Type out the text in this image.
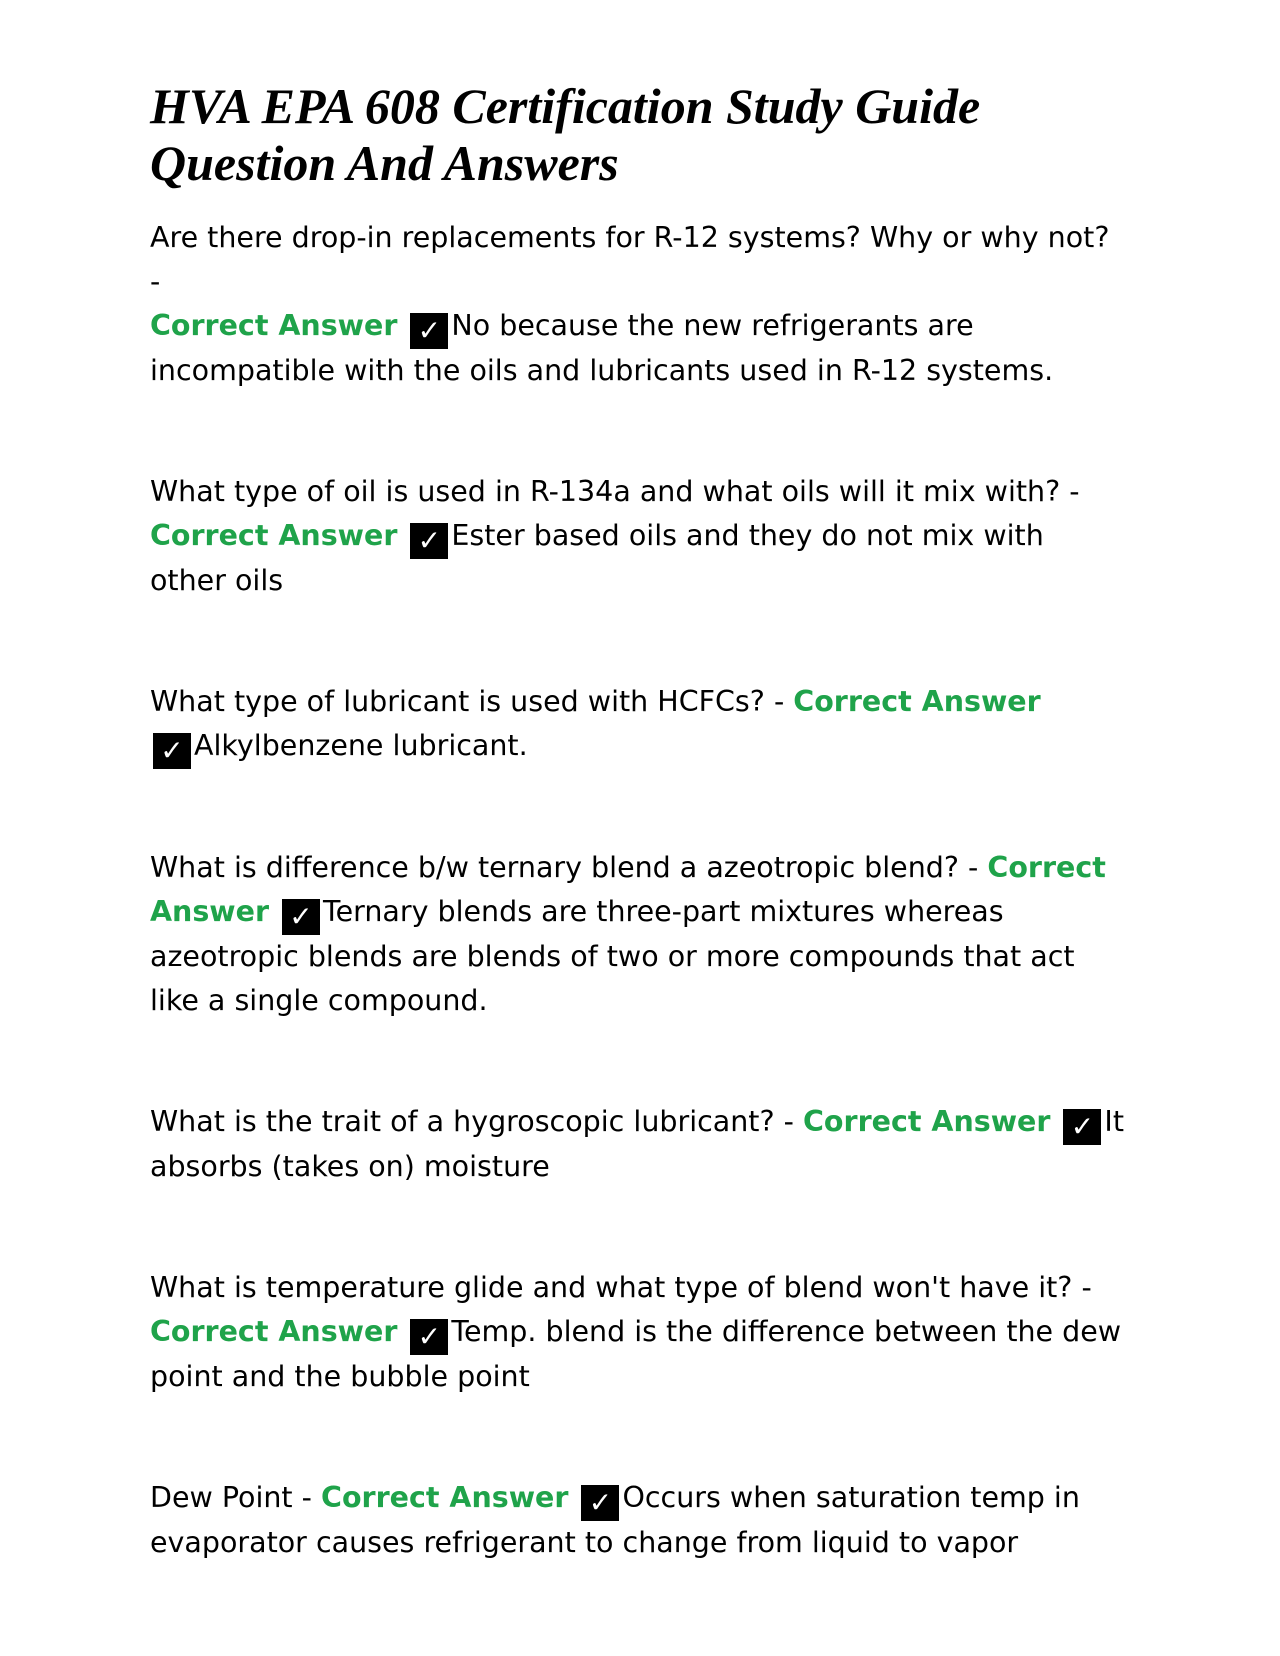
HVA EPA 608 Certification Study Guide Question And Answers

Are there drop-in replacements for R-12 systems? Why or why not? -
Correct Answer ✓ No because the new refrigerants are incompatible with the oils and lubricants used in R-12 systems.

What type of oil is used in R-134a and what oils will it mix with? -
Correct Answer ✓ Ester based oils and they do not mix with other oils

What type of lubricant is used with HCFCs? - Correct Answer
✓ Alkylbenzene lubricant.

What is difference b/w ternary blend a azeotropic blend? - Correct Answer ✓ Ternary blends are three-part mixtures whereas azeotropic blends are blends of two or more compounds that act like a single compound.

What is the trait of a hygroscopic lubricant? - Correct Answer ✓ It absorbs (takes on) moisture

What is temperature glide and what type of blend won't have it? -
Correct Answer ✓ Temp. blend is the difference between the dew point and the bubble point

Dew Point - Correct Answer ✓ Occurs when saturation temp in evaporator causes refrigerant to change from liquid to vapor
